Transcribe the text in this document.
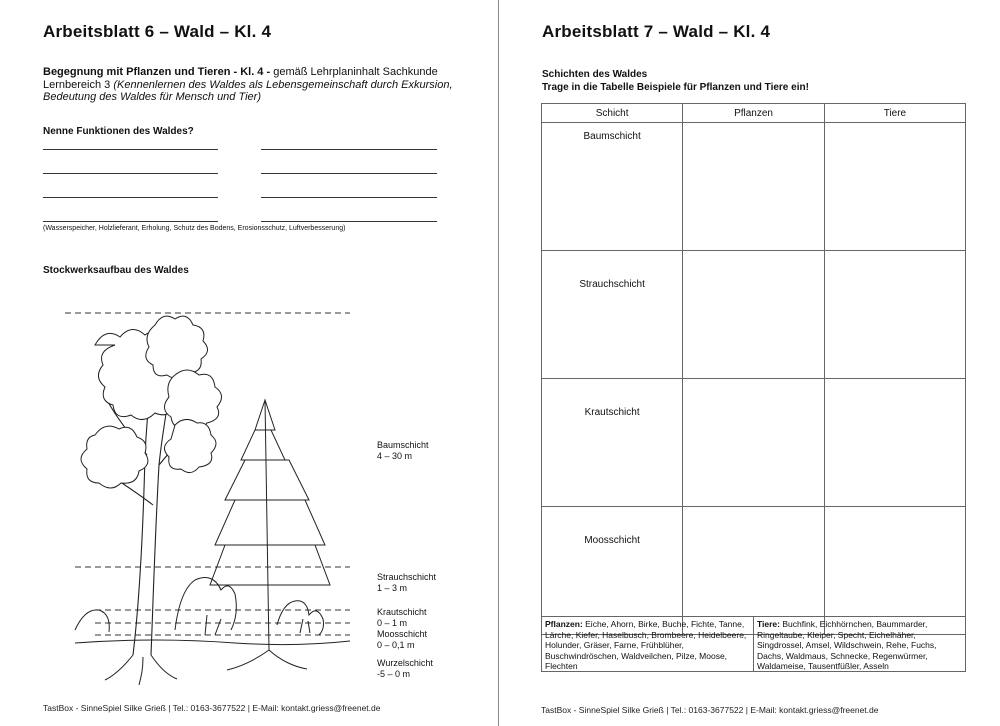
Arbeitsblatt 6 – Wald – Kl. 4
Begegnung mit Pflanzen und Tieren - Kl. 4 - gemäß Lehrplaninhalt Sachkunde
Lernbereich 3 (Kennenlernen des Waldes als Lebensgemeinschaft durch Exkursion,
Bedeutung des Waldes für Mensch und Tier)
Nenne Funktionen des Waldes?
(Wasserspeicher, Holzlieferant, Erholung, Schutz des Bodens, Erosionsschutz, Luftverbesserung)
Stockwerksaufbau des Waldes
Baumschicht
4 – 30 m
Strauchschicht
1 – 3 m
Krautschicht
0 – 1 m
Moosschicht
0 – 0,1 m
Wurzelschicht
-5 – 0 m
TastBox - SinneSpiel Silke Grieß | Tel.: 0163-3677522 | E-Mail: kontakt.griess@freenet.de
Arbeitsblatt 7 – Wald – Kl. 4
Schichten des Waldes
Trage in die Tabelle Beispiele für Pflanzen und Tiere ein!
Schicht	Pflanzen	Tiere
Baumschicht		
Strauchschicht		
Krautschicht		
Moosschicht		
Pflanzen: Eiche, Ahorn, Birke, Buche, Fichte, Tanne, Lärche, Kiefer, Haselbusch, Brombeere, Heidelbeere, Holunder, Gräser, Farne, Frühblüher, Buschwindröschen, Waldveilchen, Pilze, Moose, Flechten
Tiere: Buchfink, Eichhörnchen, Baummarder, Ringeltaube, Kleiper, Specht, Eichelhäher, Singdrossel, Amsel, Wildschwein, Rehe, Fuchs, Dachs, Waldmaus, Schnecke, Regenwürmer, Waldameise, Tausentfüßler, Asseln
TastBox - SinneSpiel Silke Grieß | Tel.: 0163-3677522 | E-Mail: kontakt.griess@freenet.de
